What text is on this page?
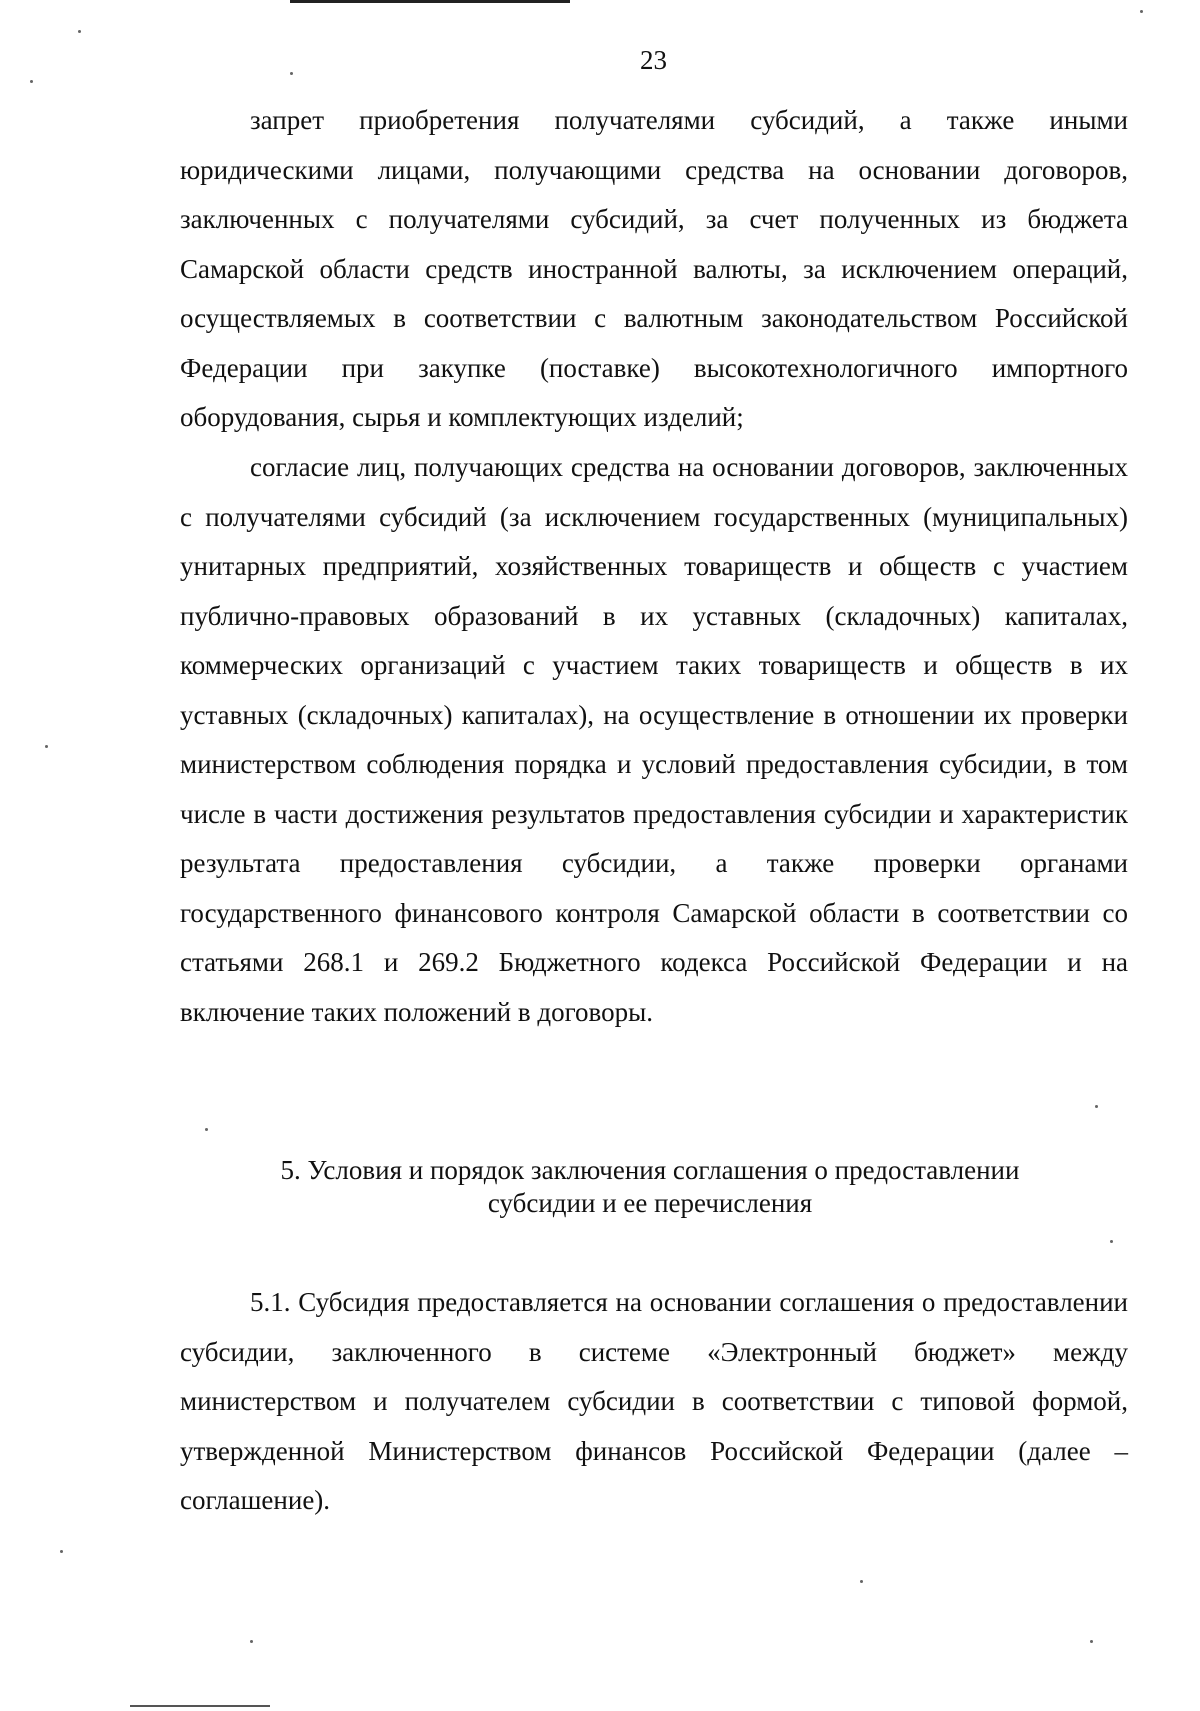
23

запрет приобретения получателями субсидий, а также иными юридическими лицами, получающими средства на основании договоров, заключенных с получателями субсидий, за счет полученных из бюджета Самарской области средств иностранной валюты, за исключением операций, осуществляемых в соответствии с валютным законодательством Российской Федерации при закупке (поставке) высокотехнологичного импортного оборудования, сырья и комплектующих изделий;

согласие лиц, получающих средства на основании договоров, заключенных с получателями субсидий (за исключением государственных (муниципальных) унитарных предприятий, хозяйственных товариществ и обществ с участием публично-правовых образований в их уставных (складочных) капиталах, коммерческих организаций с участием таких товариществ и обществ в их уставных (складочных) капиталах), на осуществление в отношении их проверки министерством соблюдения порядка и условий предоставления субсидии, в том числе в части достижения результатов предоставления субсидии и характеристик результата предоставления субсидии, а также проверки органами государственного финансового контроля Самарской области в соответствии со статьями 268.1 и 269.2 Бюджетного кодекса Российской Федерации и на включение таких положений в договоры.

5. Условия и порядок заключения соглашения о предоставлении
субсидии и ее перечисления

5.1. Субсидия предоставляется на основании соглашения о предоставлении субсидии, заключенного в системе «Электронный бюджет» между министерством и получателем субсидии в соответствии с типовой формой, утвержденной Министерством финансов Российской Федерации (далее – соглашение).
